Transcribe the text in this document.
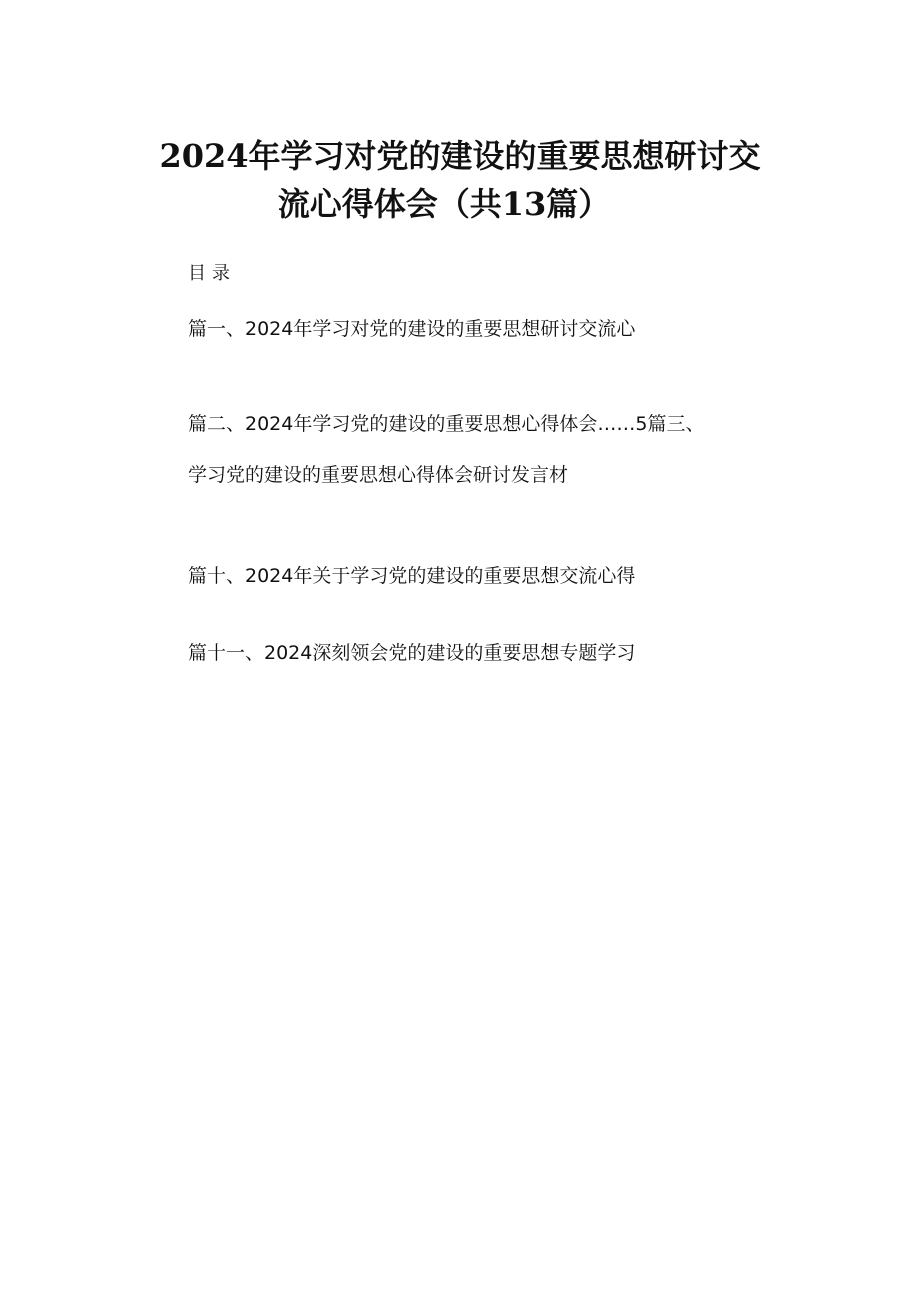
2024年学习对党的建设的重要思想研讨交
流心得体会（共13篇）
目录
篇一、2024年学习对党的建设的重要思想研讨交流心
篇二、2024年学习党的建设的重要思想心得体会……5篇三、
学习党的建设的重要思想心得体会研讨发言材
篇十、2024年关于学习党的建设的重要思想交流心得
篇十一、2024深刻领会党的建设的重要思想专题学习
